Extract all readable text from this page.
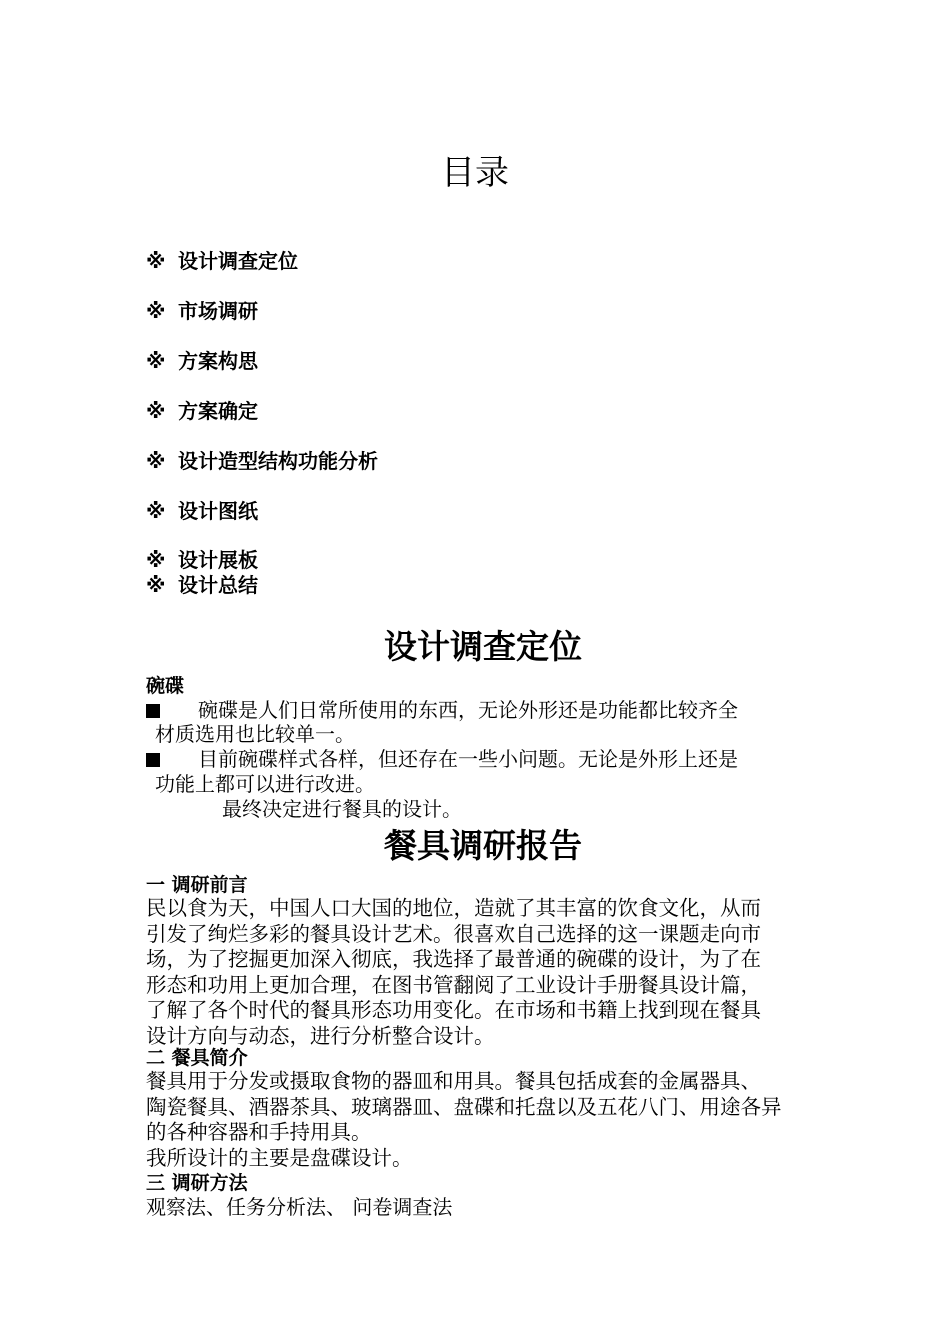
目录
※ 设计调查定位
※ 市场调研
※ 方案构思
※ 方案确定
※ 设计造型结构功能分析
※ 设计图纸
※ 设计展板
※ 设计总结
设计调查定位
碗碟
碗碟是人们日常所使用的东西，无论外形还是功能都比较齐全
材质选用也比较单一。
目前碗碟样式各样，但还存在一些小问题。无论是外形上还是
功能上都可以进行改进。
最终决定进行餐具的设计。
餐具调研报告
一 调研前言
民以食为天，中国人口大国的地位，造就了其丰富的饮食文化，从而
引发了绚烂多彩的餐具设计艺术。很喜欢自己选择的这一课题走向市
场，为了挖掘更加深入彻底，我选择了最普通的碗碟的设计，为了在
形态和功用上更加合理，在图书管翻阅了工业设计手册餐具设计篇，
了解了各个时代的餐具形态功用变化。在市场和书籍上找到现在餐具
设计方向与动态，进行分析整合设计。
二 餐具简介
餐具用于分发或摄取食物的器皿和用具。餐具包括成套的金属器具、
陶瓷餐具、酒器茶具、玻璃器皿、盘碟和托盘以及五花八门、用途各异
的各种容器和手持用具。
我所设计的主要是盘碟设计。
三 调研方法
观察法、任务分析法、 问卷调查法
